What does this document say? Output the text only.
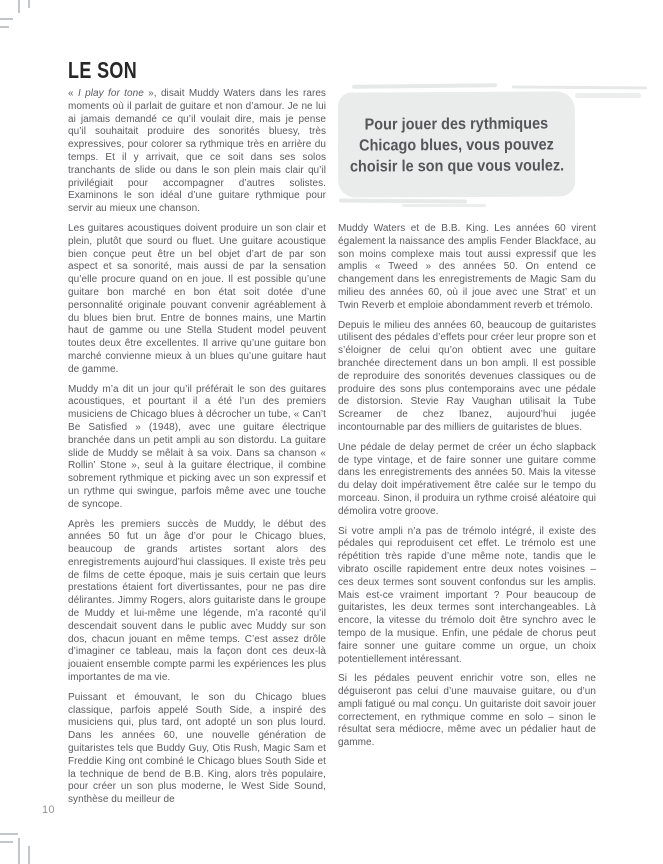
LE SON

« I play for tone », disait Muddy Waters dans les rares moments où il parlait de guitare et non d’amour. Je ne lui ai jamais demandé ce qu’il voulait dire, mais je pense qu’il souhaitait produire des sonorités bluesy, très expressives, pour colorer sa rythmique très en arrière du temps. Et il y arrivait, que ce soit dans ses solos tranchants de slide ou dans le son plein mais clair qu’il privilégiait pour accompagner d’autres solistes. Examinons le son idéal d’une guitare rythmique pour servir au mieux une chanson.

Les guitares acoustiques doivent produire un son clair et plein, plutôt que sourd ou fluet. Une guitare acoustique bien conçue peut être un bel objet d’art de par son aspect et sa sonorité, mais aussi de par la sensation qu’elle procure quand on en joue. Il est possible qu’une guitare bon marché en bon état soit dotée d’une personnalité originale pouvant convenir agréablement à du blues bien brut. Entre de bonnes mains, une Martin haut de gamme ou une Stella Student model peuvent toutes deux être excellentes. Il arrive qu’une guitare bon marché convienne mieux à un blues qu’une guitare haut de gamme.

Muddy m’a dit un jour qu’il préférait le son des guitares acoustiques, et pourtant il a été l’un des premiers musiciens de Chicago blues à décrocher un tube, « Can’t Be Satisfied » (1948), avec une guitare électrique branchée dans un petit ampli au son distordu. La guitare slide de Muddy se mêlait à sa voix. Dans sa chanson « Rollin’ Stone », seul à la guitare électrique, il combine sobrement rythmique et picking avec un son expressif et un rythme qui swingue, parfois même avec une touche de syncope.

Après les premiers succès de Muddy, le début des années 50 fut un âge d’or pour le Chicago blues, beaucoup de grands artistes sortant alors des enregistrements aujourd’hui classiques. Il existe très peu de films de cette époque, mais je suis certain que leurs prestations étaient fort divertissantes, pour ne pas dire délirantes. Jimmy Rogers, alors guitariste dans le groupe de Muddy et lui-même une légende, m’a raconté qu’il descendait souvent dans le public avec Muddy sur son dos, chacun jouant en même temps. C’est assez drôle d’imaginer ce tableau, mais la façon dont ces deux-là jouaient ensemble compte parmi les expériences les plus importantes de ma vie.

Puissant et émouvant, le son du Chicago blues classique, parfois appelé South Side, a inspiré des musiciens qui, plus tard, ont adopté un son plus lourd. Dans les années 60, une nouvelle génération de guitaristes tels que Buddy Guy, Otis Rush, Magic Sam et Freddie King ont combiné le Chicago blues South Side et la technique de bend de B.B. King, alors très populaire, pour créer un son plus moderne, le West Side Sound, synthèse du meilleur de

Pour jouer des rythmiques
Chicago blues, vous pouvez
choisir le son que vous voulez.

Muddy Waters et de B.B. King. Les années 60 virent également la naissance des amplis Fender Blackface, au son moins complexe mais tout aussi expressif que les amplis « Tweed » des années 50. On entend ce changement dans les enregistrements de Magic Sam du milieu des années 60, où il joue avec une Strat’ et un Twin Reverb et emploie abondamment reverb et trémolo.

Depuis le milieu des années 60, beaucoup de guitaristes utilisent des pédales d’effets pour créer leur propre son et s’éloigner de celui qu’on obtient avec une guitare branchée directement dans un bon ampli. Il est possible de reproduire des sonorités devenues classiques ou de produire des sons plus contemporains avec une pédale de distorsion. Stevie Ray Vaughan utilisait la Tube Screamer de chez Ibanez, aujourd’hui jugée incontournable par des milliers de guitaristes de blues.

Une pédale de delay permet de créer un écho slapback de type vintage, et de faire sonner une guitare comme dans les enregistrements des années 50. Mais la vitesse du delay doit impérativement être calée sur le tempo du morceau. Sinon, il produira un rythme croisé aléatoire qui démolira votre groove.

Si votre ampli n’a pas de trémolo intégré, il existe des pédales qui reproduisent cet effet. Le trémolo est une répétition très rapide d’une même note, tandis que le vibrato oscille rapidement entre deux notes voisines – ces deux termes sont souvent confondus sur les amplis. Mais est-ce vraiment important ? Pour beaucoup de guitaristes, les deux termes sont interchangeables. Là encore, la vitesse du trémolo doit être synchro avec le tempo de la musique. Enfin, une pédale de chorus peut faire sonner une guitare comme un orgue, un choix potentiellement intéressant.

Si les pédales peuvent enrichir votre son, elles ne déguiseront pas celui d’une mauvaise guitare, ou d’un ampli fatigué ou mal conçu. Un guitariste doit savoir jouer correctement, en rythmique comme en solo – sinon le résultat sera médiocre, même avec un pédalier haut de gamme.

10
